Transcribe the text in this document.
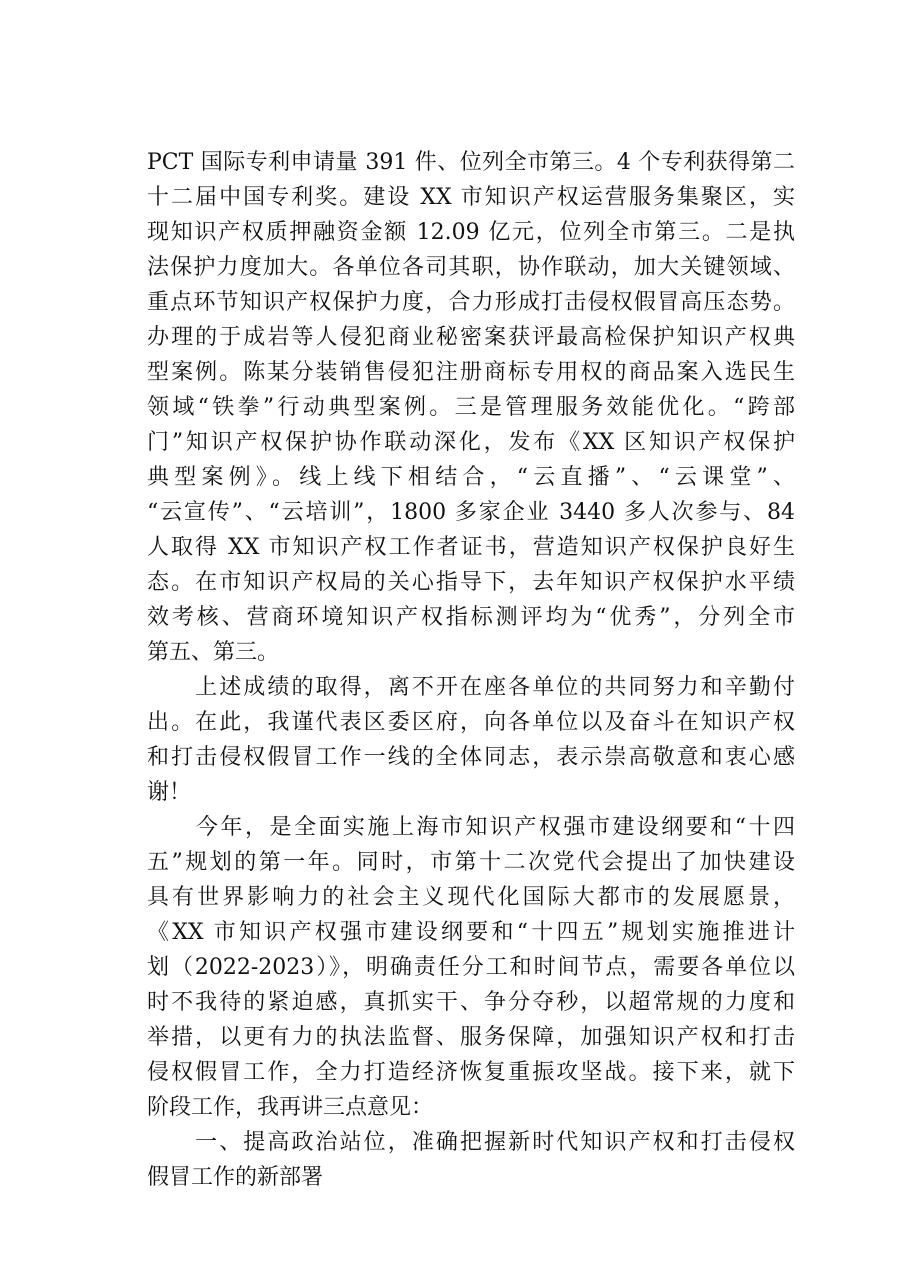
PCT 国际专利申请量 391 件、位列全市第三。4 个专利获得第二
十二届中国专利奖。建设 XX 市知识产权运营服务集聚区，实
现知识产权质押融资金额 12.09 亿元，位列全市第三。二是执
法保护力度加大。各单位各司其职，协作联动，加大关键领域、
重点环节知识产权保护力度，合力形成打击侵权假冒高压态势。
办理的于成岩等人侵犯商业秘密案获评最高检保护知识产权典
型案例。陈某分装销售侵犯注册商标专用权的商品案入选民生
领域“铁拳”行动典型案例。三是管理服务效能优化。“跨部
门”知识产权保护协作联动深化，发布《XX 区知识产权保护
典型案例》。线上线下相结合，“云直播”、“云课堂”、
“云宣传”、“云培训”，1800 多家企业 3440 多人次参与、84
人取得 XX 市知识产权工作者证书，营造知识产权保护良好生
态。在市知识产权局的关心指导下，去年知识产权保护水平绩
效考核、营商环境知识产权指标测评均为“优秀”，分列全市
第五、第三。
　　上述成绩的取得，离不开在座各单位的共同努力和辛勤付
出。在此，我谨代表区委区府，向各单位以及奋斗在知识产权
和打击侵权假冒工作一线的全体同志，表示崇高敬意和衷心感
谢！
　　今年，是全面实施上海市知识产权强市建设纲要和“十四
五”规划的第一年。同时，市第十二次党代会提出了加快建设
具有世界影响力的社会主义现代化国际大都市的发展愿景，
《XX 市知识产权强市建设纲要和“十四五”规划实施推进计
划（2022-2023）》，明确责任分工和时间节点，需要各单位以
时不我待的紧迫感，真抓实干、争分夺秒，以超常规的力度和
举措，以更有力的执法监督、服务保障，加强知识产权和打击
侵权假冒工作，全力打造经济恢复重振攻坚战。接下来，就下
阶段工作，我再讲三点意见：
　　一、提高政治站位，准确把握新时代知识产权和打击侵权
假冒工作的新部署
